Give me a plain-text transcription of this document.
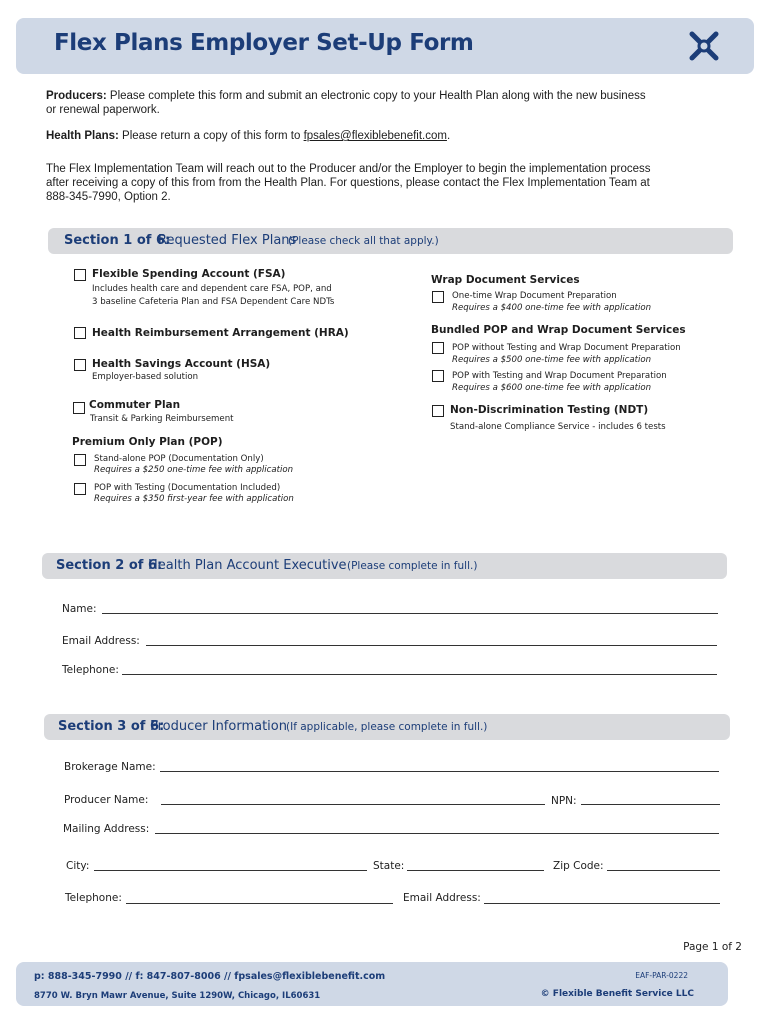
Flex Plans Employer Set-Up Form
Producers: Please complete this form and submit an electronic copy to your Health Plan along with the new business
or renewal paperwork.
Health Plans: Please return a copy of this form to fpsales@flexiblebenefit.com.
The Flex Implementation Team will reach out to the Producer and/or the Employer to begin the implementation process
after receiving a copy of this from from the Health Plan. For questions, please contact the Flex Implementation Team at
888-345-7990, Option 2.
Section 1 of 6:
Requested Flex Plans
(Please check all that apply.)
Flexible Spending Account (FSA)
Includes health care and dependent care FSA, POP, and
3 baseline Cafeteria Plan and FSA Dependent Care NDTs
Health Reimbursement Arrangement (HRA)
Health Savings Account (HSA)
Employer-based solution
Commuter Plan
Transit & Parking Reimbursement
Premium Only Plan (POP)
Stand-alone POP (Documentation Only)
Requires a $250 one-time fee with application
POP with Testing (Documentation Included)
Requires a $350 first-year fee with application
Wrap Document Services
One-time Wrap Document Preparation
Requires a $400 one-time fee with application
Bundled POP and Wrap Document Services
POP without Testing and Wrap Document Preparation
Requires a $500 one-time fee with application
POP with Testing and Wrap Document Preparation
Requires a $600 one-time fee with application
Non-Discrimination Testing (NDT)
Stand-alone Compliance Service - includes 6 tests
Section 2 of 6:
Health Plan Account Executive (Please complete in full.)
Name:
Email Address:
Telephone:
Section 3 of 6:
Producer Information (If applicable, please complete in full.)
Brokerage Name:
Producer Name:	NPN:
Mailing Address:
City:	State:	Zip Code:
Telephone:	Email Address:
Page 1 of 2
p: 888-345-7990 // f: 847-807-8006 // fpsales@flexiblebenefit.com
8770 W. Bryn Mawr Avenue, Suite 1290W, Chicago, IL60631
EAF-PAR-0222
© Flexible Benefit Service LLC
